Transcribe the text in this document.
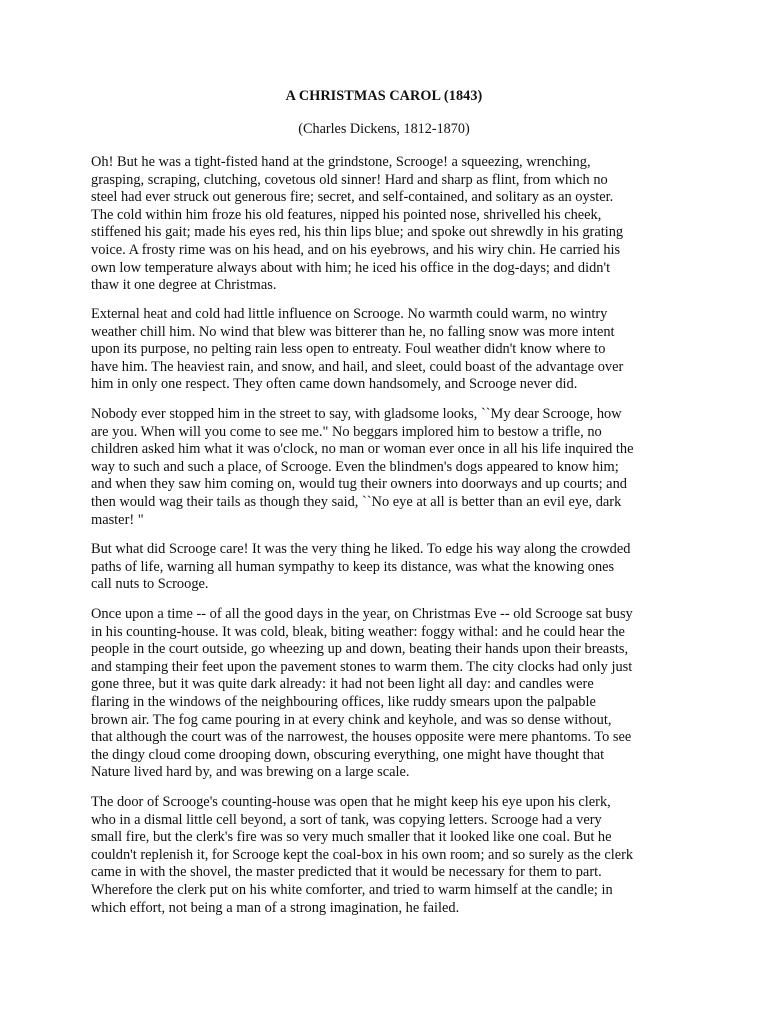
A CHRISTMAS CAROL (1843)
(Charles Dickens, 1812-1870)

Oh! But he was a tight-fisted hand at the grindstone, Scrooge! a squeezing, wrenching,
grasping, scraping, clutching, covetous old sinner! Hard and sharp as flint, from which no
steel had ever struck out generous fire; secret, and self-contained, and solitary as an oyster.
The cold within him froze his old features, nipped his pointed nose, shrivelled his cheek,
stiffened his gait; made his eyes red, his thin lips blue; and spoke out shrewdly in his grating
voice. A frosty rime was on his head, and on his eyebrows, and his wiry chin. He carried his
own low temperature always about with him; he iced his office in the dog-days; and didn't
thaw it one degree at Christmas.

External heat and cold had little influence on Scrooge. No warmth could warm, no wintry
weather chill him. No wind that blew was bitterer than he, no falling snow was more intent
upon its purpose, no pelting rain less open to entreaty. Foul weather didn't know where to
have him. The heaviest rain, and snow, and hail, and sleet, could boast of the advantage over
him in only one respect. They often came down handsomely, and Scrooge never did.

Nobody ever stopped him in the street to say, with gladsome looks, ``My dear Scrooge, how
are you. When will you come to see me." No beggars implored him to bestow a trifle, no
children asked him what it was o'clock, no man or woman ever once in all his life inquired the
way to such and such a place, of Scrooge. Even the blindmen's dogs appeared to know him;
and when they saw him coming on, would tug their owners into doorways and up courts; and
then would wag their tails as though they said, ``No eye at all is better than an evil eye, dark
master! "

But what did Scrooge care! It was the very thing he liked. To edge his way along the crowded
paths of life, warning all human sympathy to keep its distance, was what the knowing ones
call nuts to Scrooge.

Once upon a time -- of all the good days in the year, on Christmas Eve -- old Scrooge sat busy
in his counting-house. It was cold, bleak, biting weather: foggy withal: and he could hear the
people in the court outside, go wheezing up and down, beating their hands upon their breasts,
and stamping their feet upon the pavement stones to warm them. The city clocks had only just
gone three, but it was quite dark already: it had not been light all day: and candles were
flaring in the windows of the neighbouring offices, like ruddy smears upon the palpable
brown air. The fog came pouring in at every chink and keyhole, and was so dense without,
that although the court was of the narrowest, the houses opposite were mere phantoms. To see
the dingy cloud come drooping down, obscuring everything, one might have thought that
Nature lived hard by, and was brewing on a large scale.

The door of Scrooge's counting-house was open that he might keep his eye upon his clerk,
who in a dismal little cell beyond, a sort of tank, was copying letters. Scrooge had a very
small fire, but the clerk's fire was so very much smaller that it looked like one coal. But he
couldn't replenish it, for Scrooge kept the coal-box in his own room; and so surely as the clerk
came in with the shovel, the master predicted that it would be necessary for them to part.
Wherefore the clerk put on his white comforter, and tried to warm himself at the candle; in
which effort, not being a man of a strong imagination, he failed.
